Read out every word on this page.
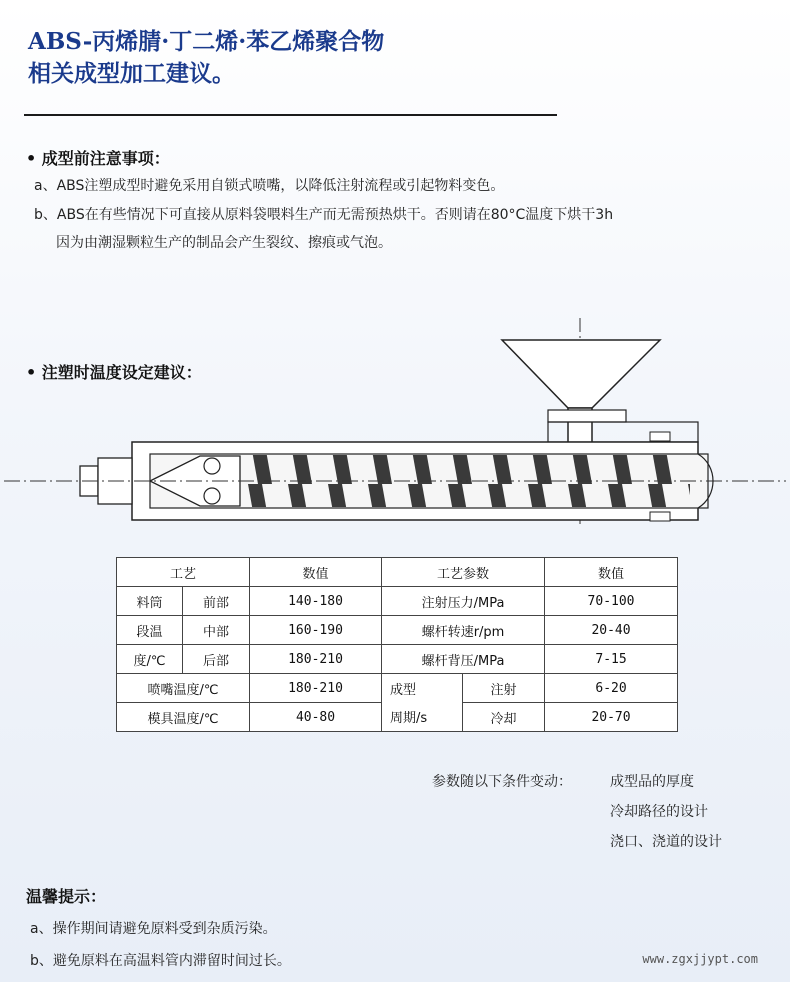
ABS-丙烯腈·丁二烯·苯乙烯聚合物
相关成型加工建议。
• 成型前注意事项：
a、ABS注塑成型时避免采用自锁式喷嘴，以降低注射流程或引起物料变色。
b、ABS在有些情况下可直接从原料袋喂料生产而无需预热烘干。否则请在80°C温度下烘干3h
因为由潮湿颗粒生产的制品会产生裂纹、擦痕或气泡。
• 注塑时温度设定建议：
工艺		数值	工艺参数		数值
料筒	前部	140-180	注射压力/MPa		70-100
段温	中部	160-190	螺杆转速r/pm		20-40
度/℃	后部	180-210	螺杆背压/MPa		7-15
喷嘴温度/℃		180-210	成型	注射	6-20
模具温度/℃		40-80	周期/s	冷却	20-70
参数随以下条件变动：	成型品的厚度
冷却路径的设计
浇口、浇道的设计
温馨提示：
a、操作期间请避免原料受到杂质污染。
b、避免原料在高温料管内滞留时间过长。	www.zgxjjypt.com
